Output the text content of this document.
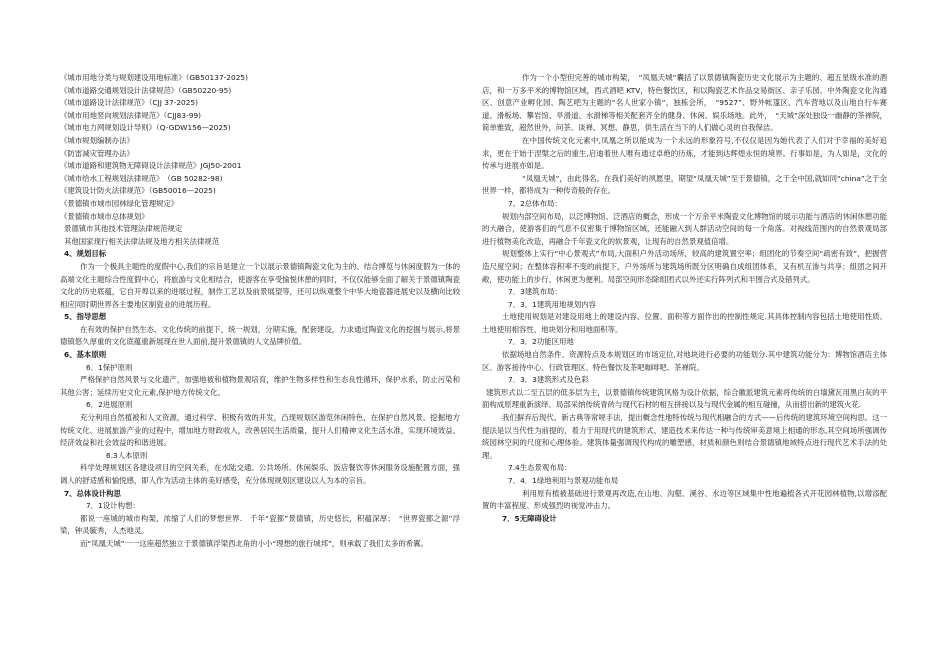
《城市用地分类与规划建设用地标准》（GB50137-2025)
《城市道路交通规划设计法律规范》（GB50220-95)
《城市道路设计法律规范》（CJJ 37-2025)
《城市用地竖向规划法律规范》（CJJ83-99)
《城市电力网规划设计导则》（Q-GDW156—2025)
《城市规划编制办法》
《防雷减灾管理办法》
《城市道路和建筑物无障碍设计法律规范》JGJ50-2001
《城市给水工程规划法律规范》　（GB 50282-98)
《建筑设计防火法律规范》（GB50016—2025)
《景德镇市城市园林绿化管理规定》
《景德镇市城市总体规划》
景德镇市其他技术管理法律规范规定
其他国家现行相关法律法规及地方相关法律规范
4、规划目标
作为一个极具主题性的度假中心,我们的宗旨是建立一个以展示景德镇陶瓷文化为主的、结合博览与休闲度假为一体的高端文化主题综合性度假中心，将旅游与文化相结合，使游客在享受愉悦休憩的同时，不仅仅能够全面了解关于景德镇陶瓷文化的历史底蕴，它自开埠以来的进展过程，制作工艺以及前景展望等，还可以纵观整个中华大地瓷器进展史以及横向比较相应同时期世界各主要地区制瓷业的进展历程。
5、指导思想
在有效的保护自然生态、文化传统的前提下，统一规划，分期实施，配套建设，力求通过陶瓷文化的挖掘与展示,将景德镇悠久厚重的文化底蕴重新展现在世人面前,提升景德镇的人文品牌价值。
6、基本原则
6．1保护原则
严格保护自然风景与文化遗产，加强地被和植物景观培育，维护生物多样性和生态良性循环，保护水系，防止污染和其他公害；延续历史文化元素,保护地方传统文化。
6．2进展原则
充分利用自然植被和人文资源，通过科学、积极有效的开发，凸现规划区游览休闲特色，在保护自然风景、挖掘地方传统文化、进展旅游产业的过程中，增加地方财政收入，改善居民生活质量，提升人们精神文化生活水准，实现环境效益、经济效益和社会效益的和谐进展。
6.3人本原则
科学处理规划区各建设项目的空间关系，在水陆交通、公共场所、休闲娱乐、饭店餐饮等休闲服务设施配置方面，强调人的舒适感和愉悦感，即人作为活动主体的美好感受，充分体现规划区建设以人为本的宗旨。
7、总体设计构思
7．1设计构想：
都说一座城的城市构架，浓缩了人们的梦想世界.　千年“瓷都”景德镇，历史悠长，积蕴深厚；　“世界瓷都之源”浮梁，钟灵毓秀，人杰地灵。
而“凤凰天城”一一这座超然独立于景德镇浮梁西北角的小小“理想的旅行城邦”，则承载了我们太多的希翼。
作为一个小型但完善的城市构架，　“凤凰天城”囊括了以景德镇陶瓷历史文化展示为主题的、超五星级水准的酒店，和一万多平米的博物馆区域，西式酒吧 KTV，特色餐饮区，和以陶瓷艺术作品交易街区、亲子乐园、中外陶瓷文化沟通区、创意产业孵化园、陶艺吧为主题的“名人世家小镇”，独栋会所，　“9527”、野外帐篷区、汽车营地以及山地自行车赛道、滑板场、攀岩馆、旱滑道、水滑梯等相关配套齐全的健身、休闲、娱乐场地。此外，　“天城”深处独设一幽静的茶禅院，简单雅致，超然世外，问茶、谈禅、冥想、静思，供生活在当下的人们做心灵的自我保洁。
在中国传统文化元素中,凤凰之所以能成为一个永远的形象符号,不仅仅是因为她代表了人们对于幸福的美好追求，更在于始于涅槃之后的重生,启迪着世人唯有通过卓绝的历炼，才能到达辉煌永恒的境界。行事如是，为人如是，文化的传承与进展亦如是。
“凤凰天城”，由此得名。在我们美好的夙愿里，期望“凤凰天城”至于景德镇，之于全中国,就如同“china”之于全世界一样，都将成为一种传奇般的存在。
7。2总体布局：
规划内部空间布局，以泛博物馆、泛酒店的概念，形成一个万余平米陶瓷文化博物馆的展示功能与酒店的休闲休憩功能的大融合，使游客们的气息不仅密集于博物馆区域，还能融入到人群活动空间的每一个角落。对视线范围内的自然景观局部进行植物美化改造，再融合千年瓷文化的软景观，让现有的自然景观值倍增。
规划整体上实行“中心景观式”布局,大面积户外活动场所，较高的建筑置空率；组团化的节奏空间“疏密有致”，把握营造尺度空间；在整体容积率不变的前提下，户外场所与建筑场所既分区明确自成组团体系，又有机互渗与共享；组团之间开敞，使功能上的步行、休闲更为便利。局部空间形态除组团式以外还实行阵列式和半围合式及错列式。
7．3建筑布局：
7．3．1建筑用地规划内容
土地使用规划是对建设用地上的建设内容、位置、面积等方面作出的控制性规定.其具体控制内容包括土地使用性质、土地使用相容性、地块划分和用地面积等。
7．3．2功能区用地
依据场地自然条件、资源特点及本规划区的市场定位,对地块进行必要的功能划分.其中建筑功能分为：博物馆酒店主体区、游客接待中心、行政管理区、特色餐饮及茶吧咖啡吧、茶禅院。
7．3．3建筑形式及色彩
建筑形式以二至五层的低多层为主，以景德镇传统建筑风格为设计依据，综合徽派建筑元素将传统的白墙黛瓦用黑白灰的平面构成原理重新演绎。局部采纳传统青砖与现代石材的相互拼接以及与现代金属的相互碰撞，从而搭出新的建筑火花.
我们摒弃后现代、新古典等常规手法，提出概念性地特传统与现代相融合的方式——后传统的建筑环境空间构思。这一提法是以当代性为前提的，着力于用现代的建筑形式、建造技术来传达一种与传统审美意境上相通的形态,其空间场所强调传统园林空间的尺度和心理体验。建筑体量强调现代构成的雕塑感，材质和颜色则结合景德镇地域特点进行现代艺术手法的处理。
7.4生态景观布局：
7．4．1绿地利用与景观功能布局
利用原有植被基础进行景观再改造,在山地、沟壑、溪谷、水边等区域集中性地遍植各式开花园林植物,以增添配置的丰富程度、形成强烈的视觉冲击力。
7．5无障碍设计
